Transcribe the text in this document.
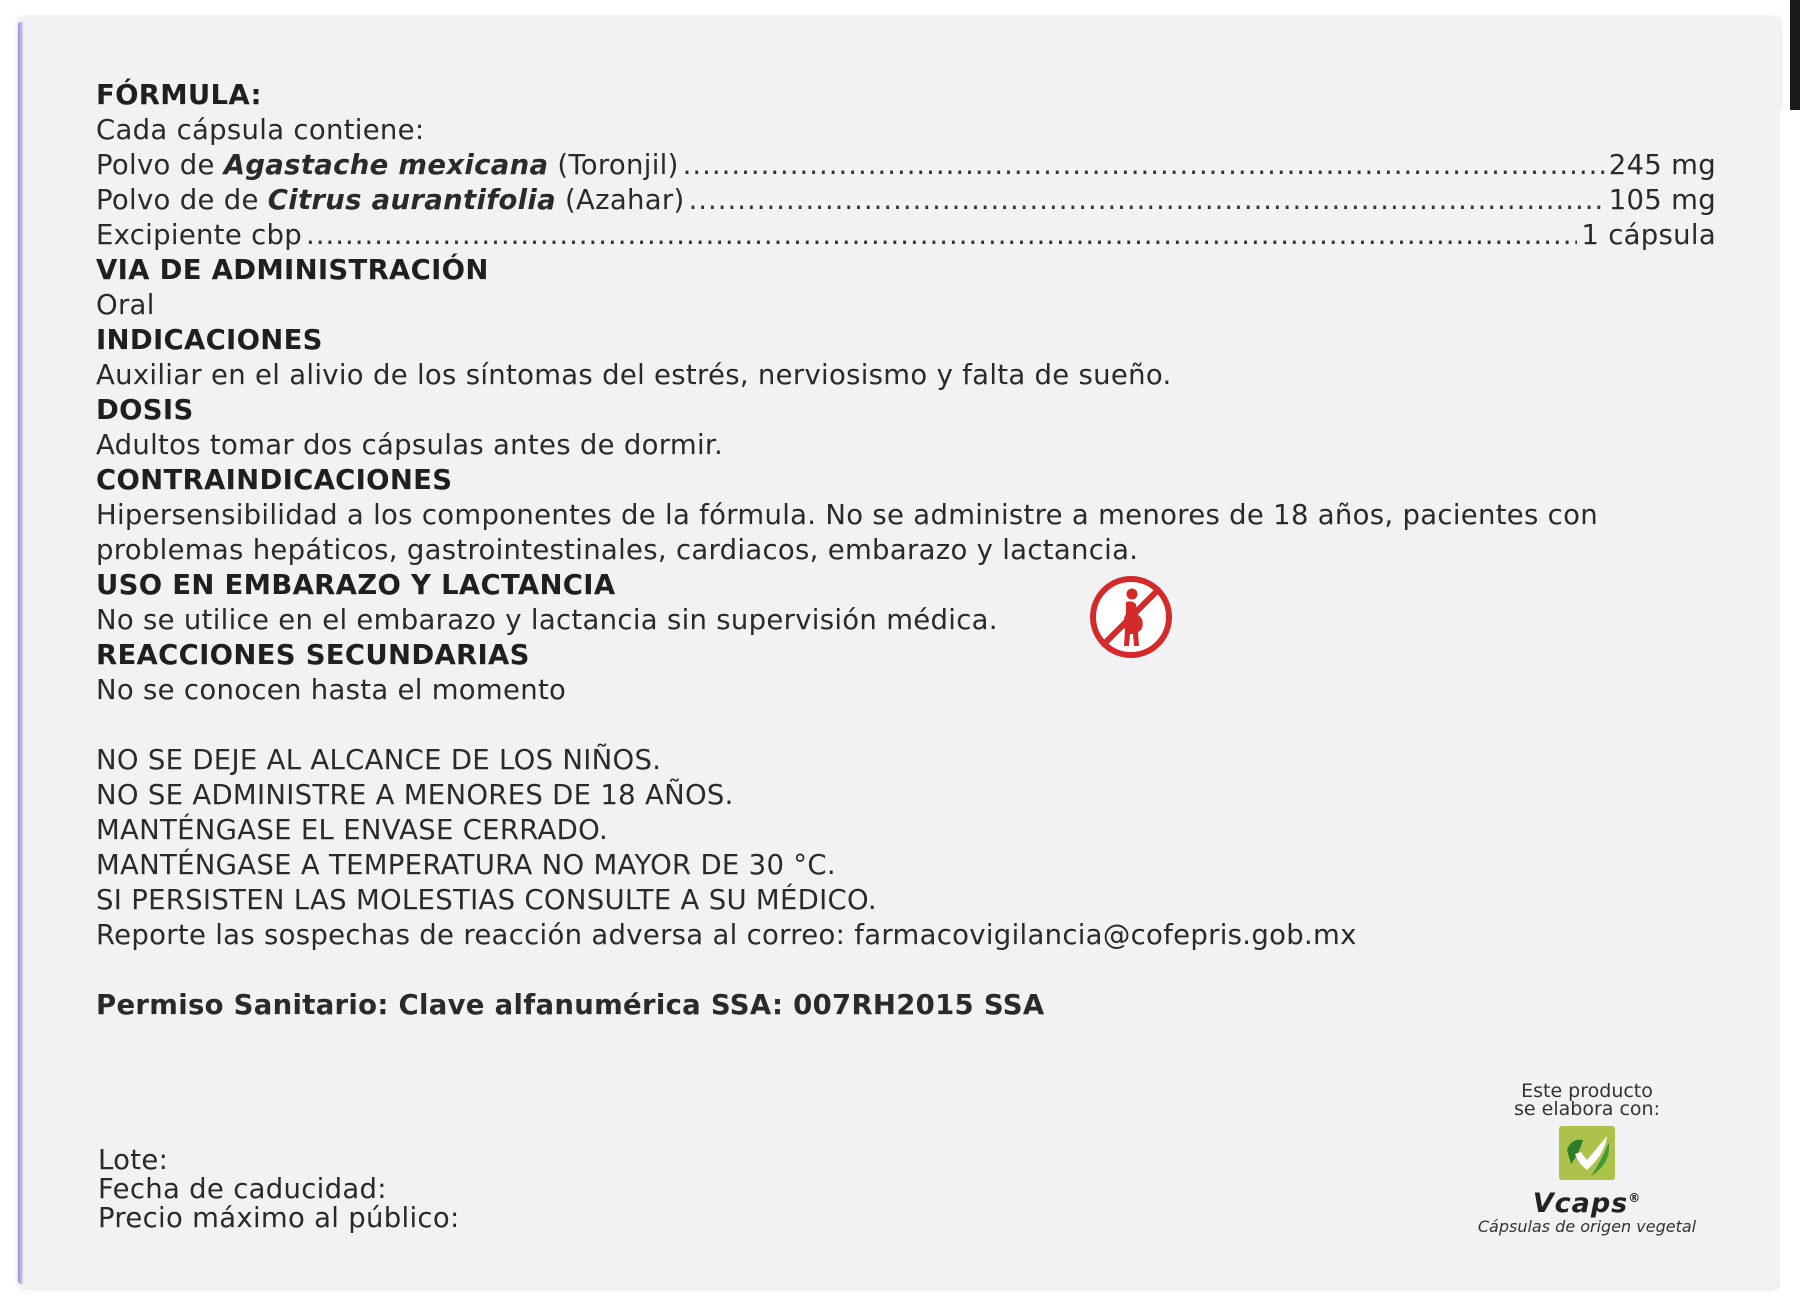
FÓRMULA:
Cada cápsula contiene:
Polvo de Agastache mexicana (Toronjil) .....	245 mg
Polvo de de Citrus aurantifolia (Azahar) .....	105 mg
Excipiente cbp .....	1 cápsula
VIA DE ADMINISTRACIÓN
Oral
INDICACIONES
Auxiliar en el alivio de los síntomas del estrés, nerviosismo y falta de sueño.
DOSIS
Adultos tomar dos cápsulas antes de dormir.
CONTRAINDICACIONES
Hipersensibilidad a los componentes de la fórmula. No se administre a menores de 18 años, pacientes con
problemas hepáticos, gastrointestinales, cardiacos, embarazo y lactancia.
USO EN EMBARAZO Y LACTANCIA
No se utilice en el embarazo y lactancia sin supervisión médica.
REACCIONES SECUNDARIAS
No se conocen hasta el momento
NO SE DEJE AL ALCANCE DE LOS NIÑOS.
NO SE ADMINISTRE A MENORES DE 18 AÑOS.
MANTÉNGASE EL ENVASE CERRADO.
MANTÉNGASE A TEMPERATURA NO MAYOR DE 30 °C.
SI PERSISTEN LAS MOLESTIAS CONSULTE A SU MÉDICO.
Reporte las sospechas de reacción adversa al correo: farmacovigilancia@cofepris.gob.mx
Permiso Sanitario: Clave alfanumérica SSA: 007RH2015 SSA
Lote:
Fecha de caducidad:
Precio máximo al público:
Este producto
se elabora con:
Vcaps®
Cápsulas de origen vegetal
